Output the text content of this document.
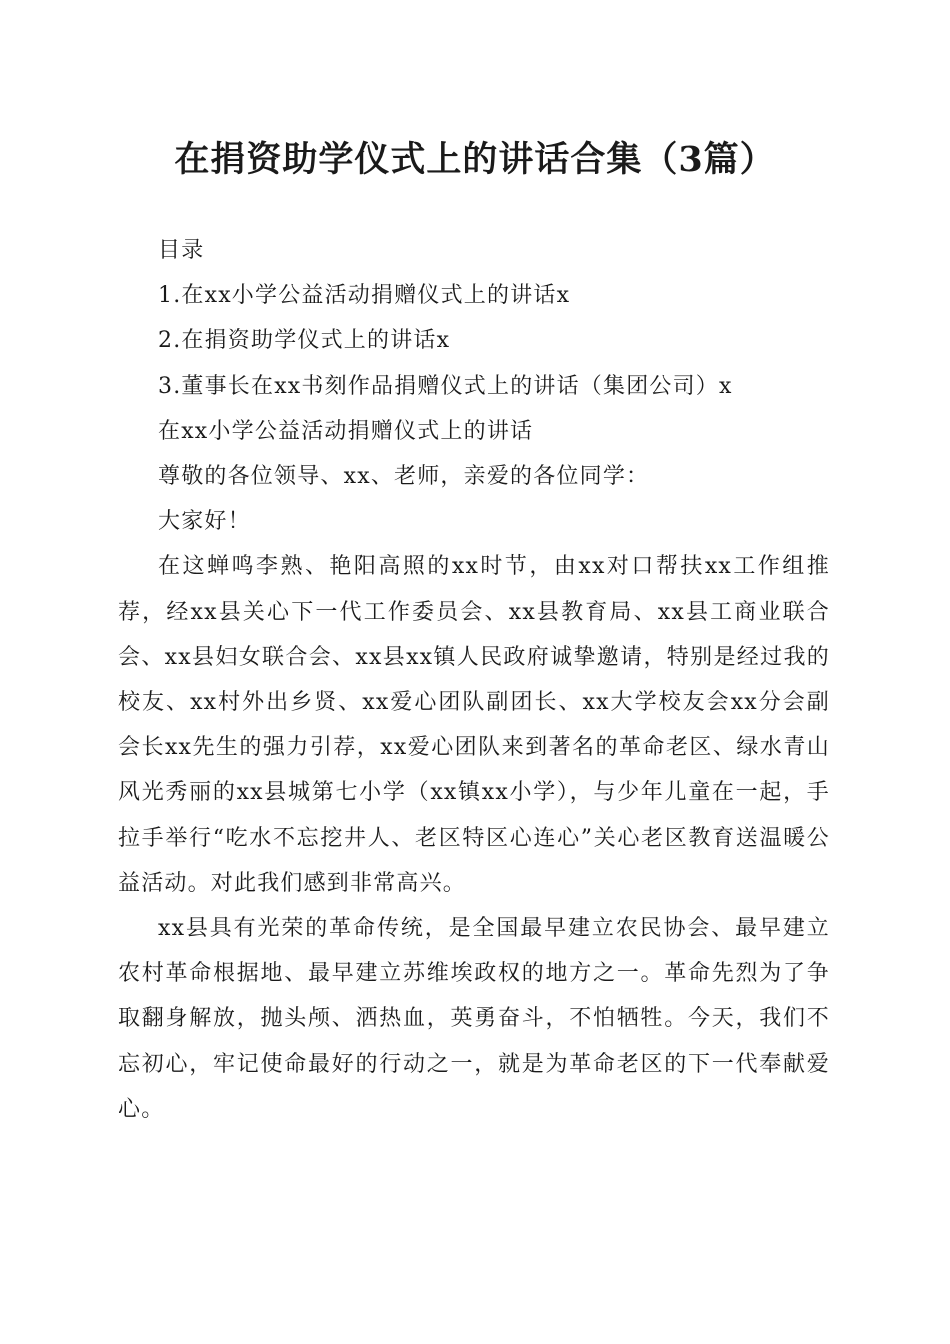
在捐资助学仪式上的讲话合集（3篇）
目录
1.在xx小学公益活动捐赠仪式上的讲话x
2.在捐资助学仪式上的讲话x
3.董事长在xx书刻作品捐赠仪式上的讲话（集团公司）x
在xx小学公益活动捐赠仪式上的讲话
尊敬的各位领导、xx、老师，亲爱的各位同学：
大家好！

在这蝉鸣李熟、艳阳高照的xx时节，由xx对口帮扶xx工作组推荐，经xx县关心下一代工作委员会、xx县教育局、xx县工商业联合会、xx县妇女联合会、xx县xx镇人民政府诚挚邀请，特别是经过我的校友、xx村外出乡贤、xx爱心团队副团长、xx大学校友会xx分会副会长xx先生的强力引荐，xx爱心团队来到著名的革命老区、绿水青山风光秀丽的xx县城第七小学（xx镇xx小学），与少年儿童在一起，手拉手举行“吃水不忘挖井人、老区特区心连心”关心老区教育送温暖公益活动。对此我们感到非常高兴。

xx县具有光荣的革命传统，是全国最早建立农民协会、最早建立农村革命根据地、最早建立苏维埃政权的地方之一。革命先烈为了争取翻身解放，抛头颅、洒热血，英勇奋斗，不怕牺牲。今天，我们不忘初心，牢记使命最好的行动之一，就是为革命老区的下一代奉献爱心。
